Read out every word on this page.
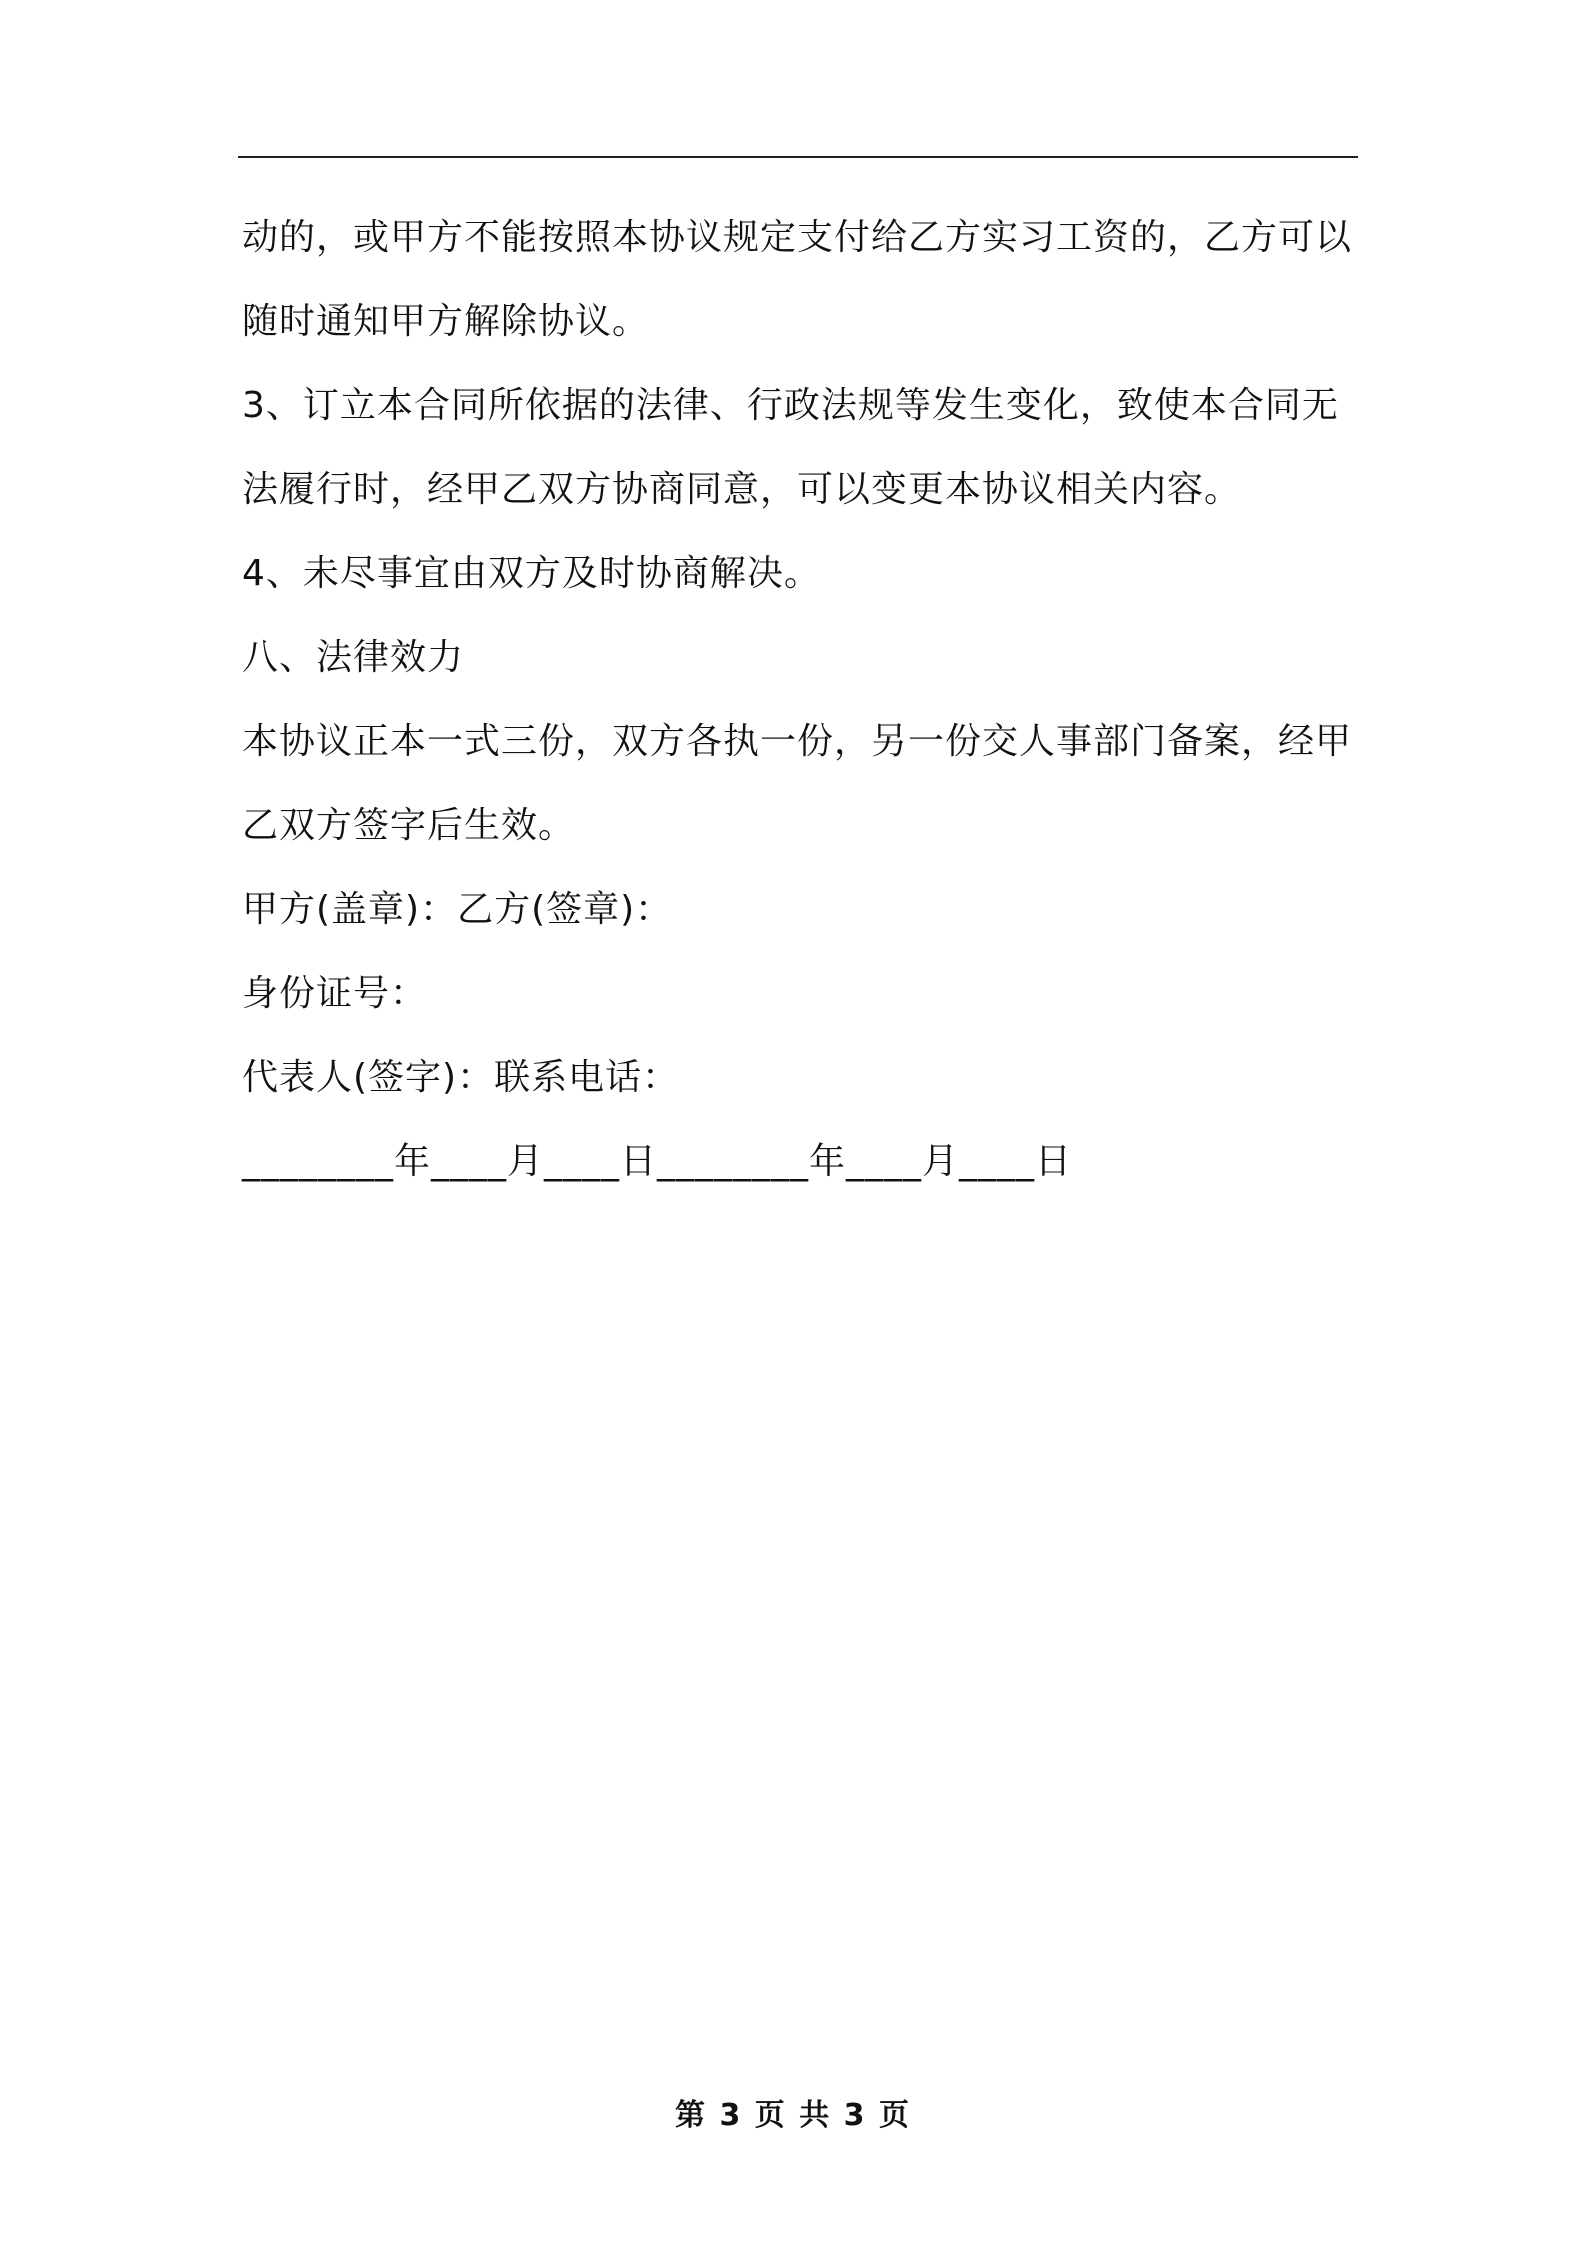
动的，或甲方不能按照本协议规定支付给乙方实习工资的，乙方可以
随时通知甲方解除协议。
3、订立本合同所依据的法律、行政法规等发生变化，致使本合同无
法履行时，经甲乙双方协商同意，可以变更本协议相关内容。
4、未尽事宜由双方及时协商解决。
八、法律效力
本协议正本一式三份，双方各执一份，另一份交人事部门备案，经甲
乙双方签字后生效。
甲方(盖章)：乙方(签章)：
身份证号：
代表人(签字)：联系电话：
________年____月____日________年____月____日
第 3 页 共 3 页
